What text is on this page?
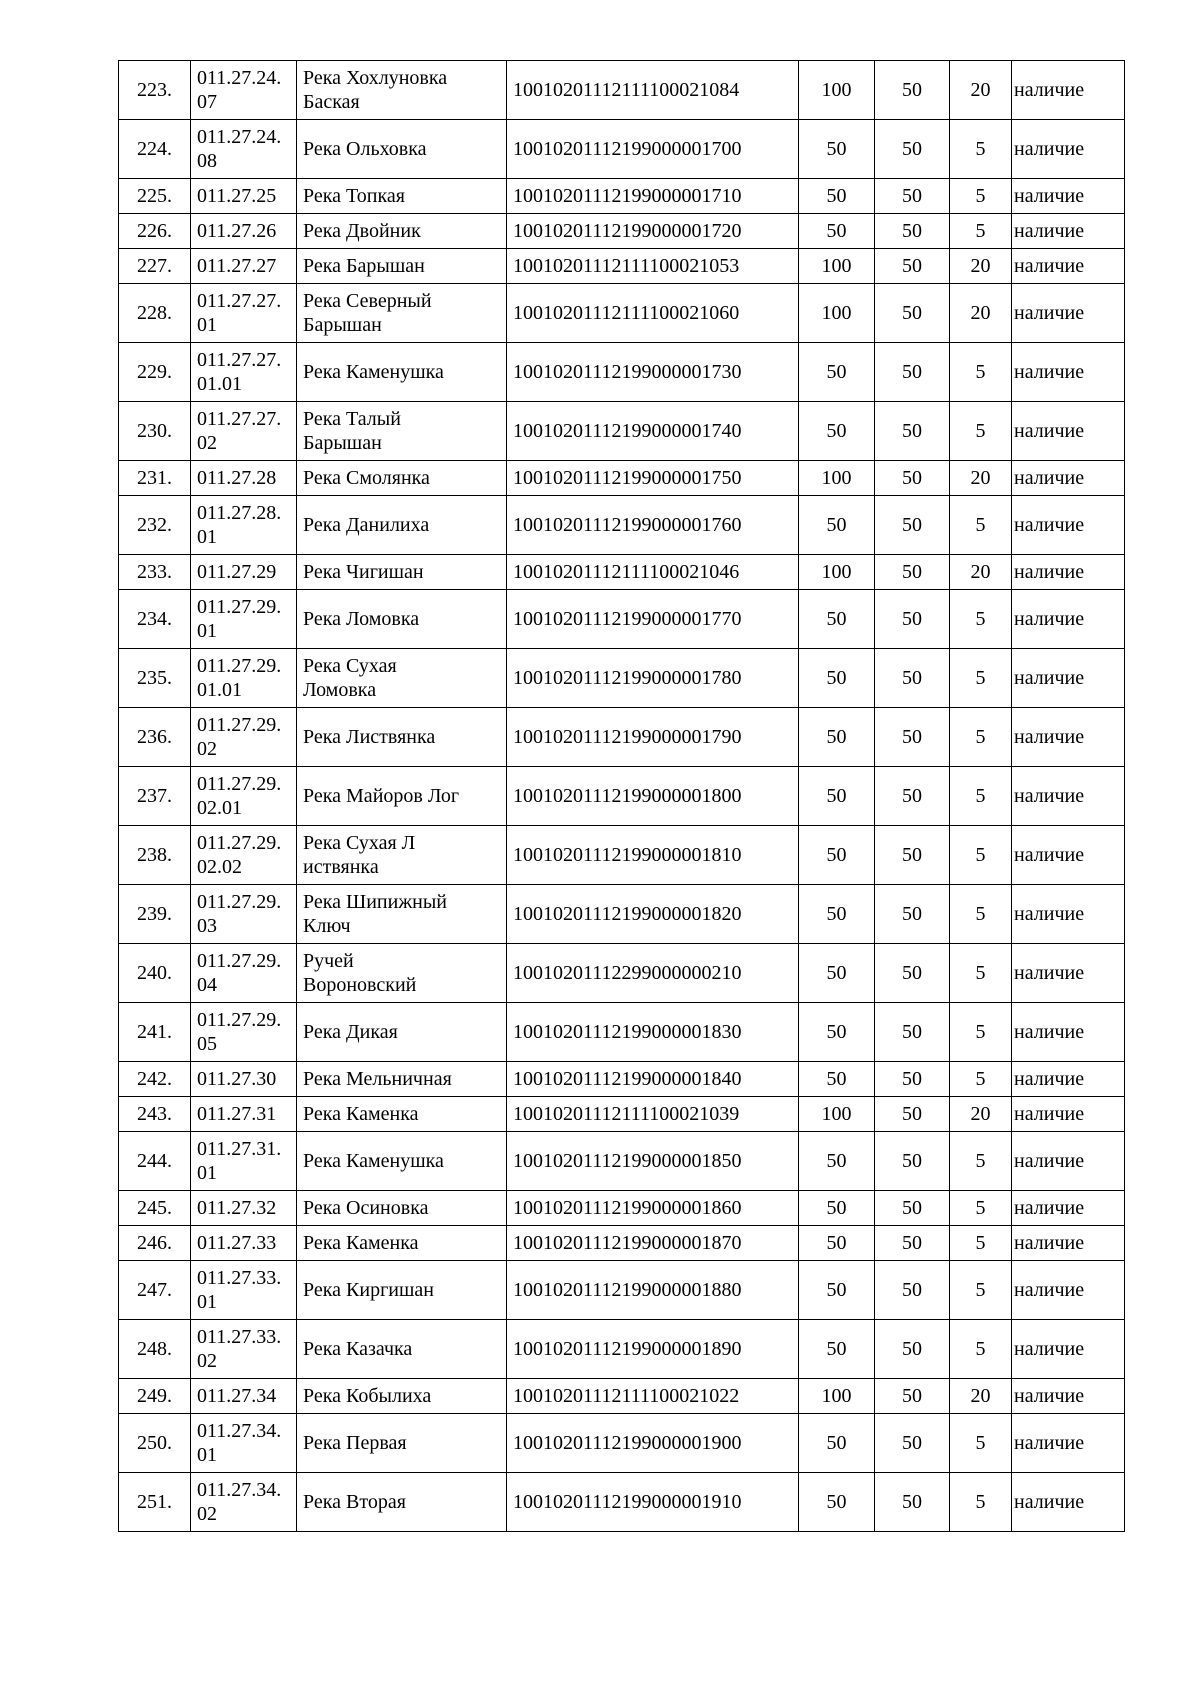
223.	011.27.24.
07	Река Хохлуновка
Баская	10010201112111100021084	100	50	20	наличие
224.	011.27.24.
08	Река Ольховка	10010201112199000001700	50	50	5	наличие
225.	011.27.25	Река Топкая	10010201112199000001710	50	50	5	наличие
226.	011.27.26	Река Двойник	10010201112199000001720	50	50	5	наличие
227.	011.27.27	Река Барышан	10010201112111100021053	100	50	20	наличие
228.	011.27.27.
01	Река Северный
Барышан	10010201112111100021060	100	50	20	наличие
229.	011.27.27.
01.01	Река Каменушка	10010201112199000001730	50	50	5	наличие
230.	011.27.27.
02	Река Талый
Барышан	10010201112199000001740	50	50	5	наличие
231.	011.27.28	Река Смолянка	10010201112199000001750	100	50	20	наличие
232.	011.27.28.
01	Река Данилиха	10010201112199000001760	50	50	5	наличие
233.	011.27.29	Река Чигишан	10010201112111100021046	100	50	20	наличие
234.	011.27.29.
01	Река Ломовка	10010201112199000001770	50	50	5	наличие
235.	011.27.29.
01.01	Река Сухая
Ломовка	10010201112199000001780	50	50	5	наличие
236.	011.27.29.
02	Река Листвянка	10010201112199000001790	50	50	5	наличие
237.	011.27.29.
02.01	Река Майоров Лог	10010201112199000001800	50	50	5	наличие
238.	011.27.29.
02.02	Река Сухая Л
иствянка	10010201112199000001810	50	50	5	наличие
239.	011.27.29.
03	Река Шипижный
Ключ	10010201112199000001820	50	50	5	наличие
240.	011.27.29.
04	Ручей
Вороновский	10010201112299000000210	50	50	5	наличие
241.	011.27.29.
05	Река Дикая	10010201112199000001830	50	50	5	наличие
242.	011.27.30	Река Мельничная	10010201112199000001840	50	50	5	наличие
243.	011.27.31	Река Каменка	10010201112111100021039	100	50	20	наличие
244.	011.27.31.
01	Река Каменушка	10010201112199000001850	50	50	5	наличие
245.	011.27.32	Река Осиновка	10010201112199000001860	50	50	5	наличие
246.	011.27.33	Река Каменка	10010201112199000001870	50	50	5	наличие
247.	011.27.33.
01	Река Киргишан	10010201112199000001880	50	50	5	наличие
248.	011.27.33.
02	Река Казачка	10010201112199000001890	50	50	5	наличие
249.	011.27.34	Река Кобылиха	10010201112111100021022	100	50	20	наличие
250.	011.27.34.
01	Река Первая	10010201112199000001900	50	50	5	наличие
251.	011.27.34.
02	Река Вторая	10010201112199000001910	50	50	5	наличие
